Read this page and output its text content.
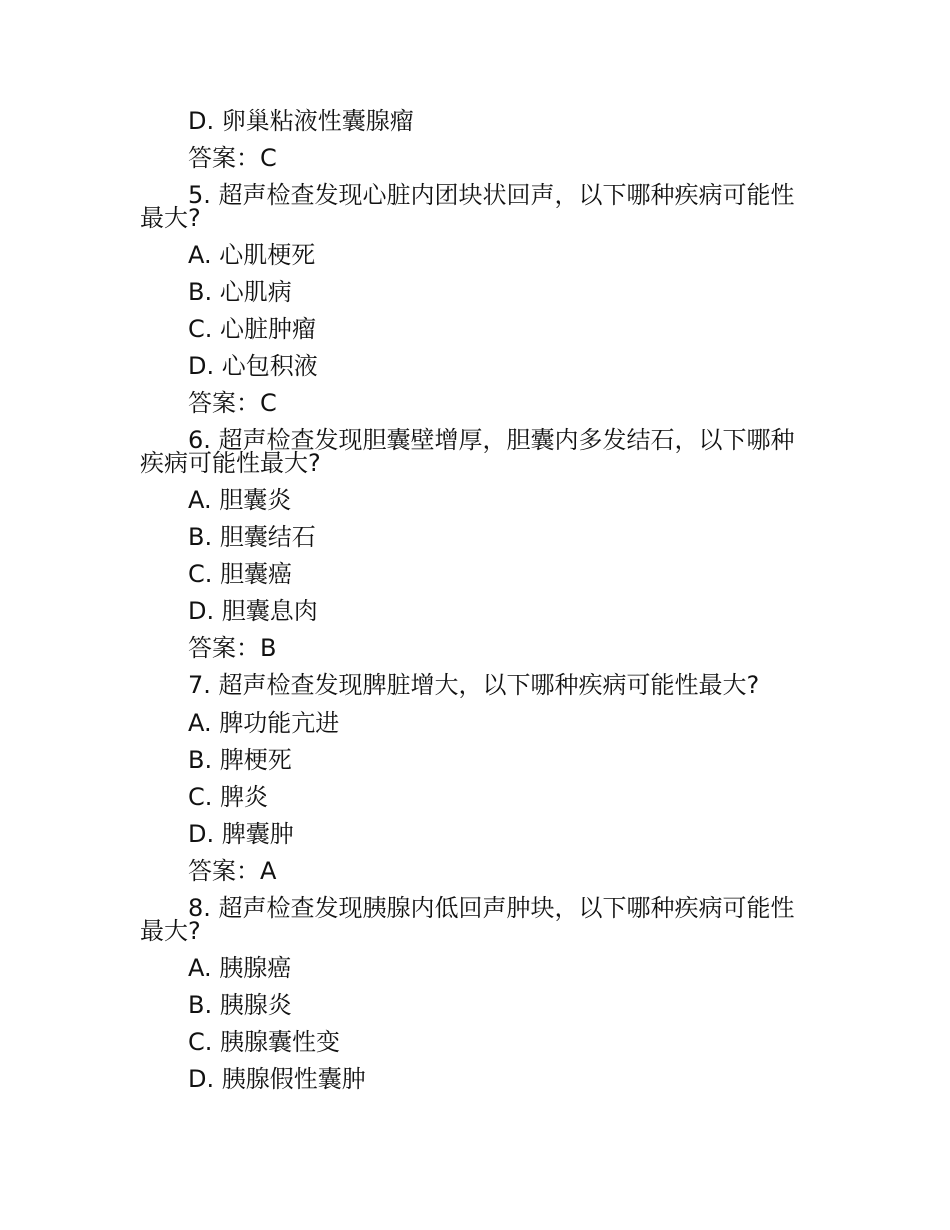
D. 卵巢粘液性囊腺瘤
答案：C
5. 超声检查发现心脏内团块状回声，以下哪种疾病可能性
最大?
A. 心肌梗死
B. 心肌病
C. 心脏肿瘤
D. 心包积液
答案：C
6. 超声检查发现胆囊壁增厚，胆囊内多发结石，以下哪种
疾病可能性最大?
A. 胆囊炎
B. 胆囊结石
C. 胆囊癌
D. 胆囊息肉
答案：B
7. 超声检查发现脾脏增大，以下哪种疾病可能性最大?
A. 脾功能亢进
B. 脾梗死
C. 脾炎
D. 脾囊肿
答案：A
8. 超声检查发现胰腺内低回声肿块，以下哪种疾病可能性
最大?
A. 胰腺癌
B. 胰腺炎
C. 胰腺囊性变
D. 胰腺假性囊肿
